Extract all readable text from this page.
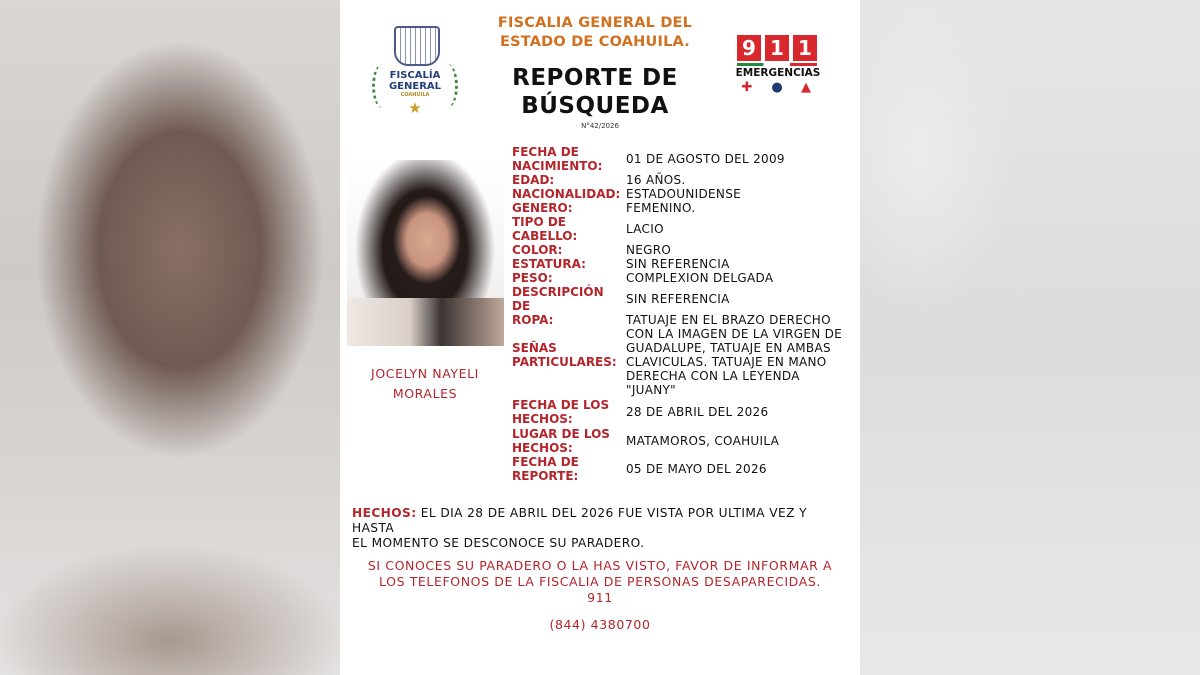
FISCALÍA
GENERAL
COAHUILA
★
FISCALIA GENERAL DEL
ESTADO DE COAHUILA.
REPORTE DE
BÚSQUEDA
N°42/2026
9 1 1
EMERGENCIAS
✚ ● ▲
JOCELYN NAYELI
MORALES
FECHA DE
NACIMIENTO:	01 DE AGOSTO DEL 2009
EDAD:	16 AÑOS.
NACIONALIDAD: ESTADOUNIDENSE
GENERO:	FEMENINO.
TIPO DE
CABELLO:	LACIO
COLOR:	NEGRO
ESTATURA:	SIN REFERENCIA
PESO:	COMPLEXION DELGADA
DESCRIPCIÓN DE
ROPA:
SIN REFERENCIA
SEÑAS
PARTICULARES:
TATUAJE EN EL BRAZO DERECHO
CON LA IMAGEN DE LA VIRGEN DE
GUADALUPE, TATUAJE EN AMBAS
CLAVICULAS. TATUAJE EN MANO
DERECHA CON LA LEYENDA
"JUANY"
FECHA DE LOS
HECHOS:	28 DE ABRIL DEL 2026
LUGAR DE LOS
HECHOS:	MATAMOROS, COAHUILA
FECHA DE
REPORTE:	05 DE MAYO DEL 2026
HECHOS: EL DIA 28 DE ABRIL DEL 2026 FUE VISTA POR ULTIMA VEZ Y HASTA
EL MOMENTO SE DESCONOCE SU PARADERO.
SI CONOCES SU PARADERO O LA HAS VISTO, FAVOR DE INFORMAR A
LOS TELEFONOS DE LA FISCALIA DE PERSONAS DESAPARECIDAS.
911
(844) 4380700
